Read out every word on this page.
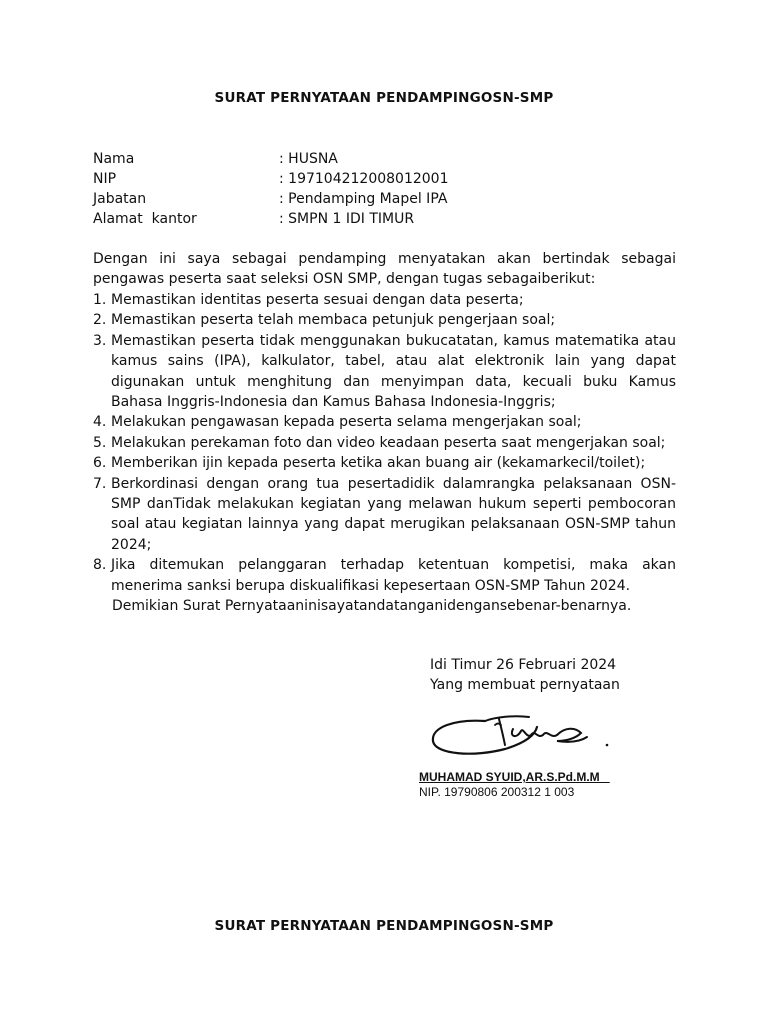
SURAT PERNYATAAN PENDAMPINGOSN-SMP
Nama	: HUSNA
NIP	: 197104212008012001
Jabatan	: Pendamping Mapel IPA
Alamat  kantor	: SMPN 1 IDI TIMUR

Dengan ini saya sebagai pendamping menyatakan akan bertindak sebagai pengawas peserta saat seleksi OSN SMP, dengan tugas sebagaiberikut:

1. Memastikan identitas peserta sesuai dengan data peserta;
2. Memastikan peserta telah membaca petunjuk pengerjaan soal;
3. Memastikan peserta tidak menggunakan bukucatatan, kamus matematika atau kamus sains (IPA), kalkulator, tabel, atau alat elektronik lain yang dapat digunakan untuk menghitung dan menyimpan data, kecuali buku Kamus Bahasa Inggris-Indonesia dan Kamus Bahasa Indonesia-Inggris;
4. Melakukan pengawasan kepada peserta selama mengerjakan soal;
5. Melakukan perekaman foto dan video keadaan peserta saat mengerjakan soal;
6. Memberikan ijin kepada peserta ketika akan buang air (kekamarkecil/toilet);
7. Berkordinasi dengan orang tua pesertadidik dalamrangka pelaksanaan OSN-SMP danTidak melakukan kegiatan yang melawan hukum seperti pembocoran soal atau kegiatan lainnya yang dapat merugikan pelaksanaan OSN-SMP tahun 2024;
8. Jika ditemukan pelanggaran terhadap ketentuan kompetisi, maka akan menerima sanksi berupa diskualifikasi kepesertaan OSN-SMP Tahun 2024.
Demikian Surat Pernyataaninisayatandatanganidengansebenar-benarnya.
Idi Timur 26 Februari 2024
Yang membuat pernyataan
MUHAMAD SYUID,AR.S.Pd.M.M
NIP. 19790806 200312 1 003
SURAT PERNYATAAN PENDAMPINGOSN-SMP
